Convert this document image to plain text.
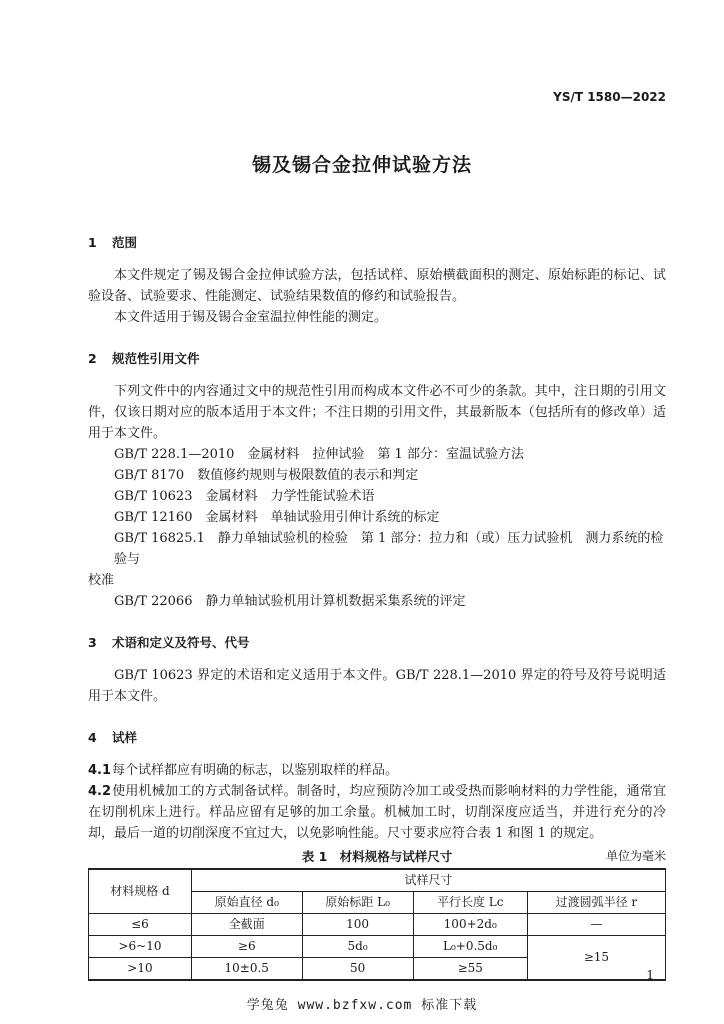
YS/T 1580—2022
锡及锡合金拉伸试验方法
1 范围

本文件规定了锡及锡合金拉伸试验方法，包括试样、原始横截面积的测定、原始标距的标记、试验设备、试验要求、性能测定、试验结果数值的修约和试验报告。

本文件适用于锡及锡合金室温拉伸性能的测定。

2 规范性引用文件

下列文件中的内容通过文中的规范性引用而构成本文件必不可少的条款。其中，注日期的引用文件，仅该日期对应的版本适用于本文件；不注日期的引用文件，其最新版本（包括所有的修改单）适用于本文件。

GB/T 228.1—2010　金属材料　拉伸试验　第 1 部分：室温试验方法
GB/T 8170　数值修约规则与极限数值的表示和判定
GB/T 10623　金属材料　力学性能试验术语
GB/T 12160　金属材料　单轴试验用引伸计系统的标定
GB/T 16825.1　静力单轴试验机的检验　第 1 部分：拉力和（或）压力试验机　测力系统的检验与
校准
GB/T 22066　静力单轴试验机用计算机数据采集系统的评定
3 术语和定义及符号、代号

GB/T 10623 界定的术语和定义适用于本文件。GB/T 228.1—2010 界定的符号及符号说明适用于本文件。

4 试样
4.1每个试样都应有明确的标志，以鉴别取样的样品。
4.2使用机械加工的方式制备试样。制备时，均应预防冷加工或受热而影响材料的力学性能，通常宜在切削机床上进行。样品应留有足够的加工余量。机械加工时，切削深度应适当，并进行充分的冷却，最后一道的切削深度不宜过大，以免影响性能。尺寸要求应符合表 1 和图 1 的规定。
表 1　材料规格与试样尺寸	单位为毫米
材料规格 d	试样尺寸			
	原始直径 d₀	原始标距 L₀	平行长度 Lc	过渡圆弧半径 r
≤6	全截面	100	100+2d₀	—
>6~10	≥6	5d₀	L₀+0.5d₀	≥15
>10	10±0.5	50	≥55		1
学兔兔 www.bzfxw.com 标准下载
